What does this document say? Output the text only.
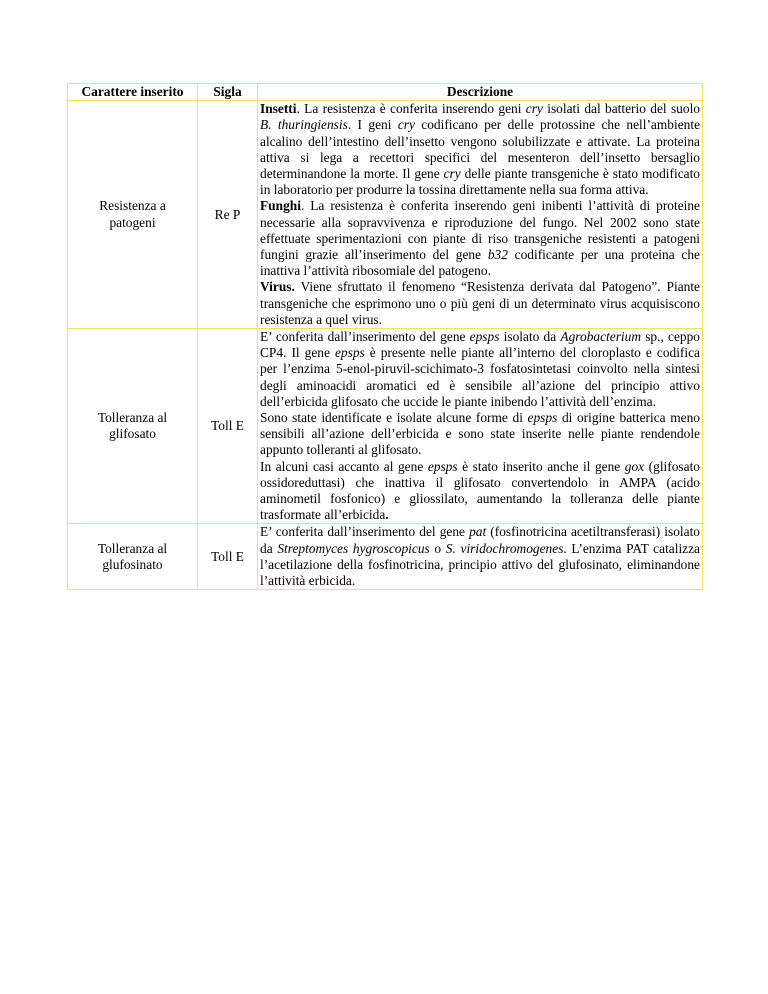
Carattere inserito	Sigla	Descrizione
Resistenza a patogeni	Re P	Insetti. La resistenza è conferita inserendo geni cry isolati dal batterio del suolo B. thuringiensis. I geni cry codificano per delle protossine che nell’ambiente alcalino dell’intestino dell’insetto vengono solubilizzate e attivate. La proteina attiva si lega a recettori specifici del mesenteron dell’insetto bersaglio determinandone la morte. Il gene cry delle piante transgeniche è stato modificato in laboratorio per produrre la tossina direttamente nella sua forma attiva.

Funghi. La resistenza è conferita inserendo geni inibenti l’attività di proteine necessarie alla sopravvivenza e riproduzione del fungo. Nel 2002 sono state effettuate sperimentazioni con piante di riso transgeniche resistenti a patogeni fungini grazie all’inserimento del gene b32 codificante per una proteina che inattiva l’attività ribosomiale del patogeno.

Virus. Viene sfruttato il fenomeno “Resistenza derivata dal Patogeno”. Piante transgeniche che esprimono uno o più geni di un determinato virus acquisiscono resistenza a quel virus.

Tolleranza al glifosato	Toll E	E’ conferita dall’inserimento del gene epsps isolato da Agrobacterium sp., ceppo CP4. Il gene epsps è presente nelle piante all’interno del cloroplasto e codifica per l’enzima 5-enol-piruvil-scichimato-3 fosfatosintetasi coinvolto nella sintesi degli aminoacidi aromatici ed è sensibile all’azione del principio attivo dell’erbicida glifosato che uccide le piante inibendo l’attività dell’enzima.

Sono state identificate e isolate alcune forme di epsps di origine batterica meno sensibili all’azione dell’erbicida e sono state inserite nelle piante rendendole appunto tolleranti al glifosato.

In alcuni casi accanto al gene epsps è stato inserito anche il gene gox (glifosato ossidoreduttasi) che inattiva il glifosato convertendolo in AMPA (acido aminometil fosfonico) e gliossilato, aumentando la tolleranza delle piante trasformate all’erbicida.

Tolleranza al glufosinato	Toll E	E’ conferita dall’inserimento del gene pat (fosfinotricina acetiltransferasi) isolato da Streptomyces hygroscopicus o S. viridochromogenes. L’enzima PAT catalizza l’acetilazione della fosfinotricina, principio attivo del glufosinato, eliminandone l’attività erbicida.
